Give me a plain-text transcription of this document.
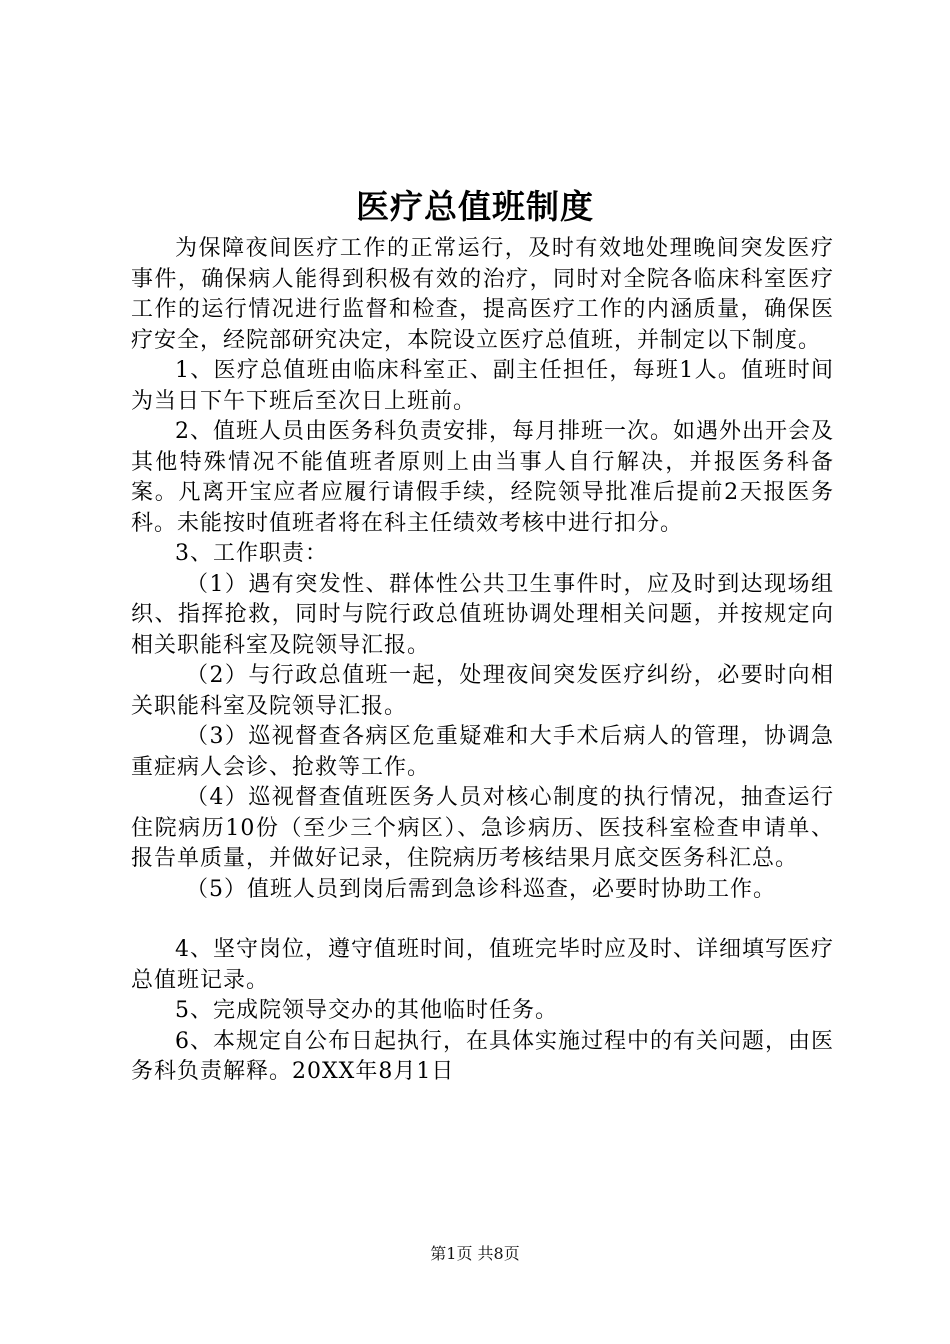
医疗总值班制度

为保障夜间医疗工作的正常运行，及时有效地处理晚间突发医疗事件，确保病人能得到积极有效的治疗，同时对全院各临床科室医疗工作的运行情况进行监督和检查，提高医疗工作的内涵质量，确保医疗安全，经院部研究决定，本院设立医疗总值班，并制定以下制度。

1、医疗总值班由临床科室正、副主任担任，每班1人。值班时间为当日下午下班后至次日上班前。

2、值班人员由医务科负责安排，每月排班一次。如遇外出开会及其他特殊情况不能值班者原则上由当事人自行解决，并报医务科备案。凡离开宝应者应履行请假手续，经院领导批准后提前2天报医务科。未能按时值班者将在科主任绩效考核中进行扣分。

3、工作职责：

（1）遇有突发性、群体性公共卫生事件时，应及时到达现场组织、指挥抢救，同时与院行政总值班协调处理相关问题，并按规定向相关职能科室及院领导汇报。

（2）与行政总值班一起，处理夜间突发医疗纠纷，必要时向相关职能科室及院领导汇报。

（3）巡视督查各病区危重疑难和大手术后病人的管理，协调急重症病人会诊、抢救等工作。

（4）巡视督查值班医务人员对核心制度的执行情况，抽查运行住院病历10份（至少三个病区）、急诊病历、医技科室检查申请单、报告单质量，并做好记录，住院病历考核结果月底交医务科汇总。

（5）值班人员到岗后需到急诊科巡查，必要时协助工作。

4、坚守岗位，遵守值班时间，值班完毕时应及时、详细填写医疗总值班记录。

5、完成院领导交办的其他临时任务。

6、本规定自公布日起执行，在具体实施过程中的有关问题，由医务科负责解释。20XX年8月1日

第1页 共8页
